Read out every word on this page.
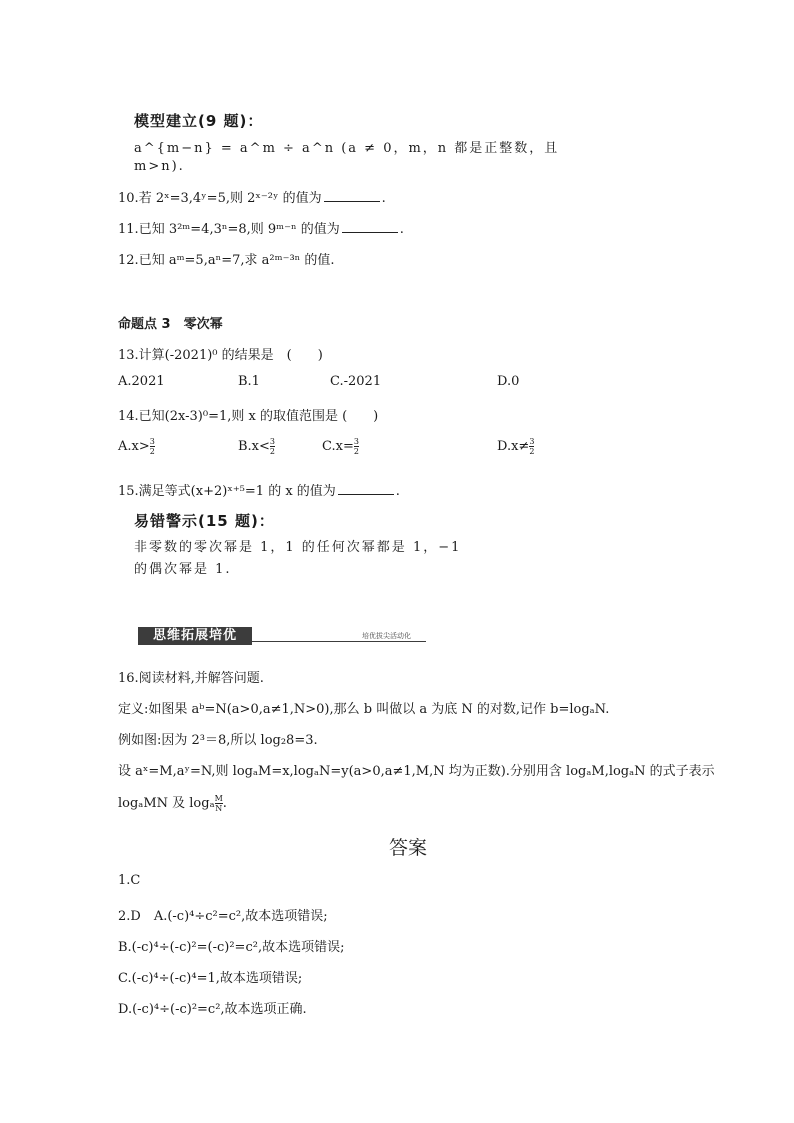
模型建立(9 题)：
a^{m−n} = a^m ÷ a^n (a ≠ 0，m，n 都是正整数，且
m>n).
10.若 2ˣ=3,4ʸ=5,则 2ˣ⁻²ʸ 的值为	.
11.已知 3²ᵐ=4,3ⁿ=8,则 9ᵐ⁻ⁿ 的值为	.
12.已知 aᵐ=5,aⁿ=7,求 a²ᵐ⁻³ⁿ 的值.
命题点 3　零次幂
13.计算(-2021)⁰ 的结果是　(　　)
A.2021	B.1	C.-2021	D.0
14.已知(2x-3)⁰=1,则 x 的取值范围是 (　　)
$A.x> \frac{3}{2}$	$B.x< \frac{3}{2}$	$C.x= \frac{3}{2}$	$D.x\ne \frac{3}{2}$
15.满足等式(x+2)ˣ⁺⁵=1 的 x 的值为	.
易错警示(15 题)：
非零数的零次幂是 1，1 的任何次幂都是 1，−1
的偶次幂是 1.
思维拓展培优	培优拔尖活动化
16.阅读材料,并解答问题.
定义:如图果 aᵇ=N(a>0,a≠1,N>0),那么 b 叫做以 a 为底 N 的对数,记作 b=logₐN.
例如图:因为 2³＝8,所以 log₂8=3.
设 aˣ=M,aʸ=N,则 logₐM=x,logₐN=y(a>0,a≠1,M,N 均为正数).分别用含 logₐM,logₐN 的式子表示
logₐMN 及 logₐ $\frac{M}{N}$ .
答案
1.C
2.D　A.(-c)⁴÷c²=c²,故本选项错误;
B.(-c)⁴÷(-c)²=(-c)²=c²,故本选项错误;
C.(-c)⁴÷(-c)⁴=1,故本选项错误;
D.(-c)⁴÷(-c)²=c²,故本选项正确.
